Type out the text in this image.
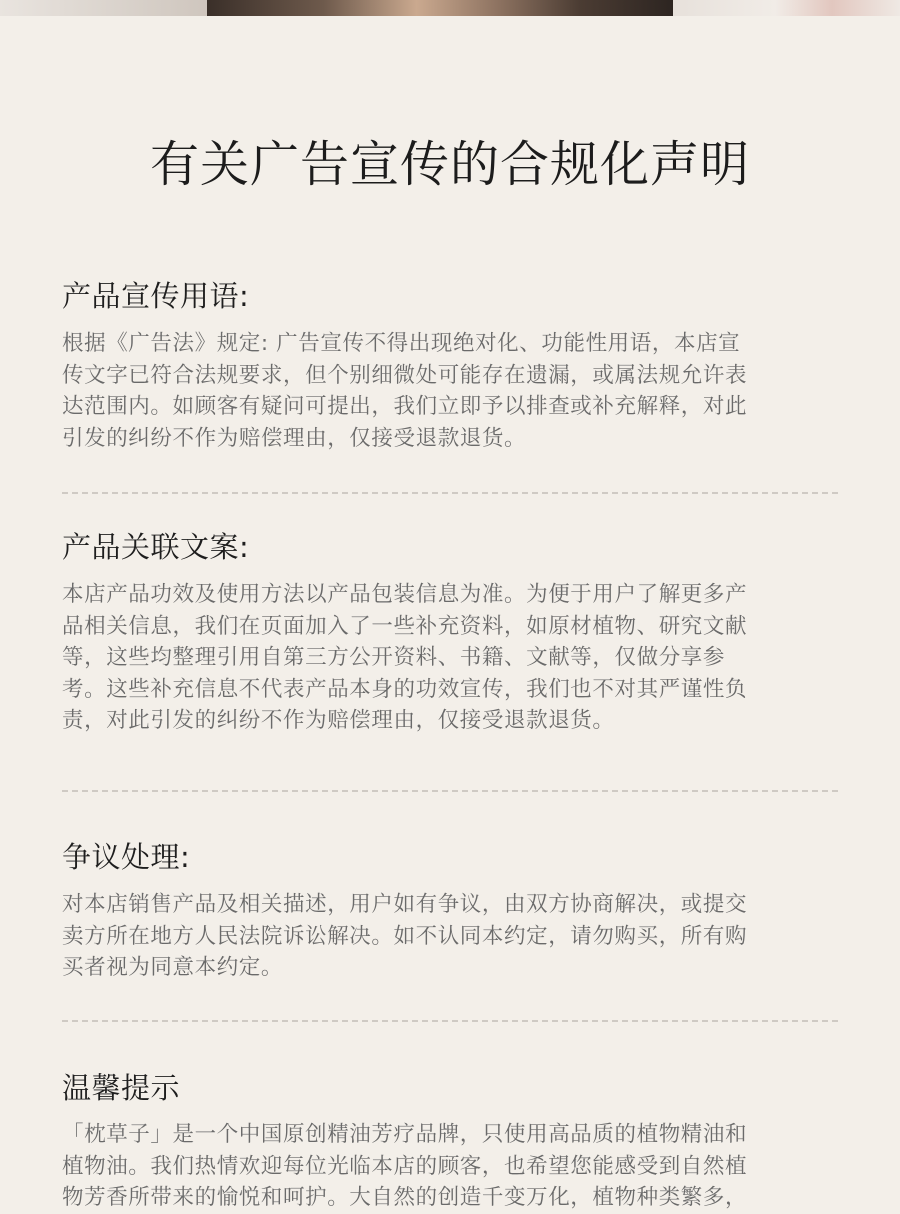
有关广告宣传的合规化声明
产品宣传用语:

根据《广告法》规定: 广告宣传不得出现绝对化、功能性用语，本店宣
传文字已符合法规要求，但个别细微处可能存在遗漏，或属法规允许表
达范围内。如顾客有疑问可提出，我们立即予以排查或补充解释，对此
引发的纠纷不作为赔偿理由，仅接受退款退货。

产品关联文案:

本店产品功效及使用方法以产品包装信息为准。为便于用户了解更多产
品相关信息，我们在页面加入了一些补充资料，如原材植物、研究文献
等，这些均整理引用自第三方公开资料、书籍、文献等，仅做分享参
考。这些补充信息不代表产品本身的功效宣传，我们也不对其严谨性负
责，对此引发的纠纷不作为赔偿理由，仅接受退款退货。

争议处理:

对本店销售产品及相关描述，用户如有争议，由双方协商解决，或提交
卖方所在地方人民法院诉讼解决。如不认同本约定，请勿购买，所有购
买者视为同意本约定。

温馨提示

「枕草子」是一个中国原创精油芳疗品牌，只使用高品质的植物精油和
植物油。我们热情欢迎每位光临本店的顾客，也希望您能感受到自然植
物芳香所带来的愉悦和呵护。大自然的创造千变万化，植物种类繁多，
